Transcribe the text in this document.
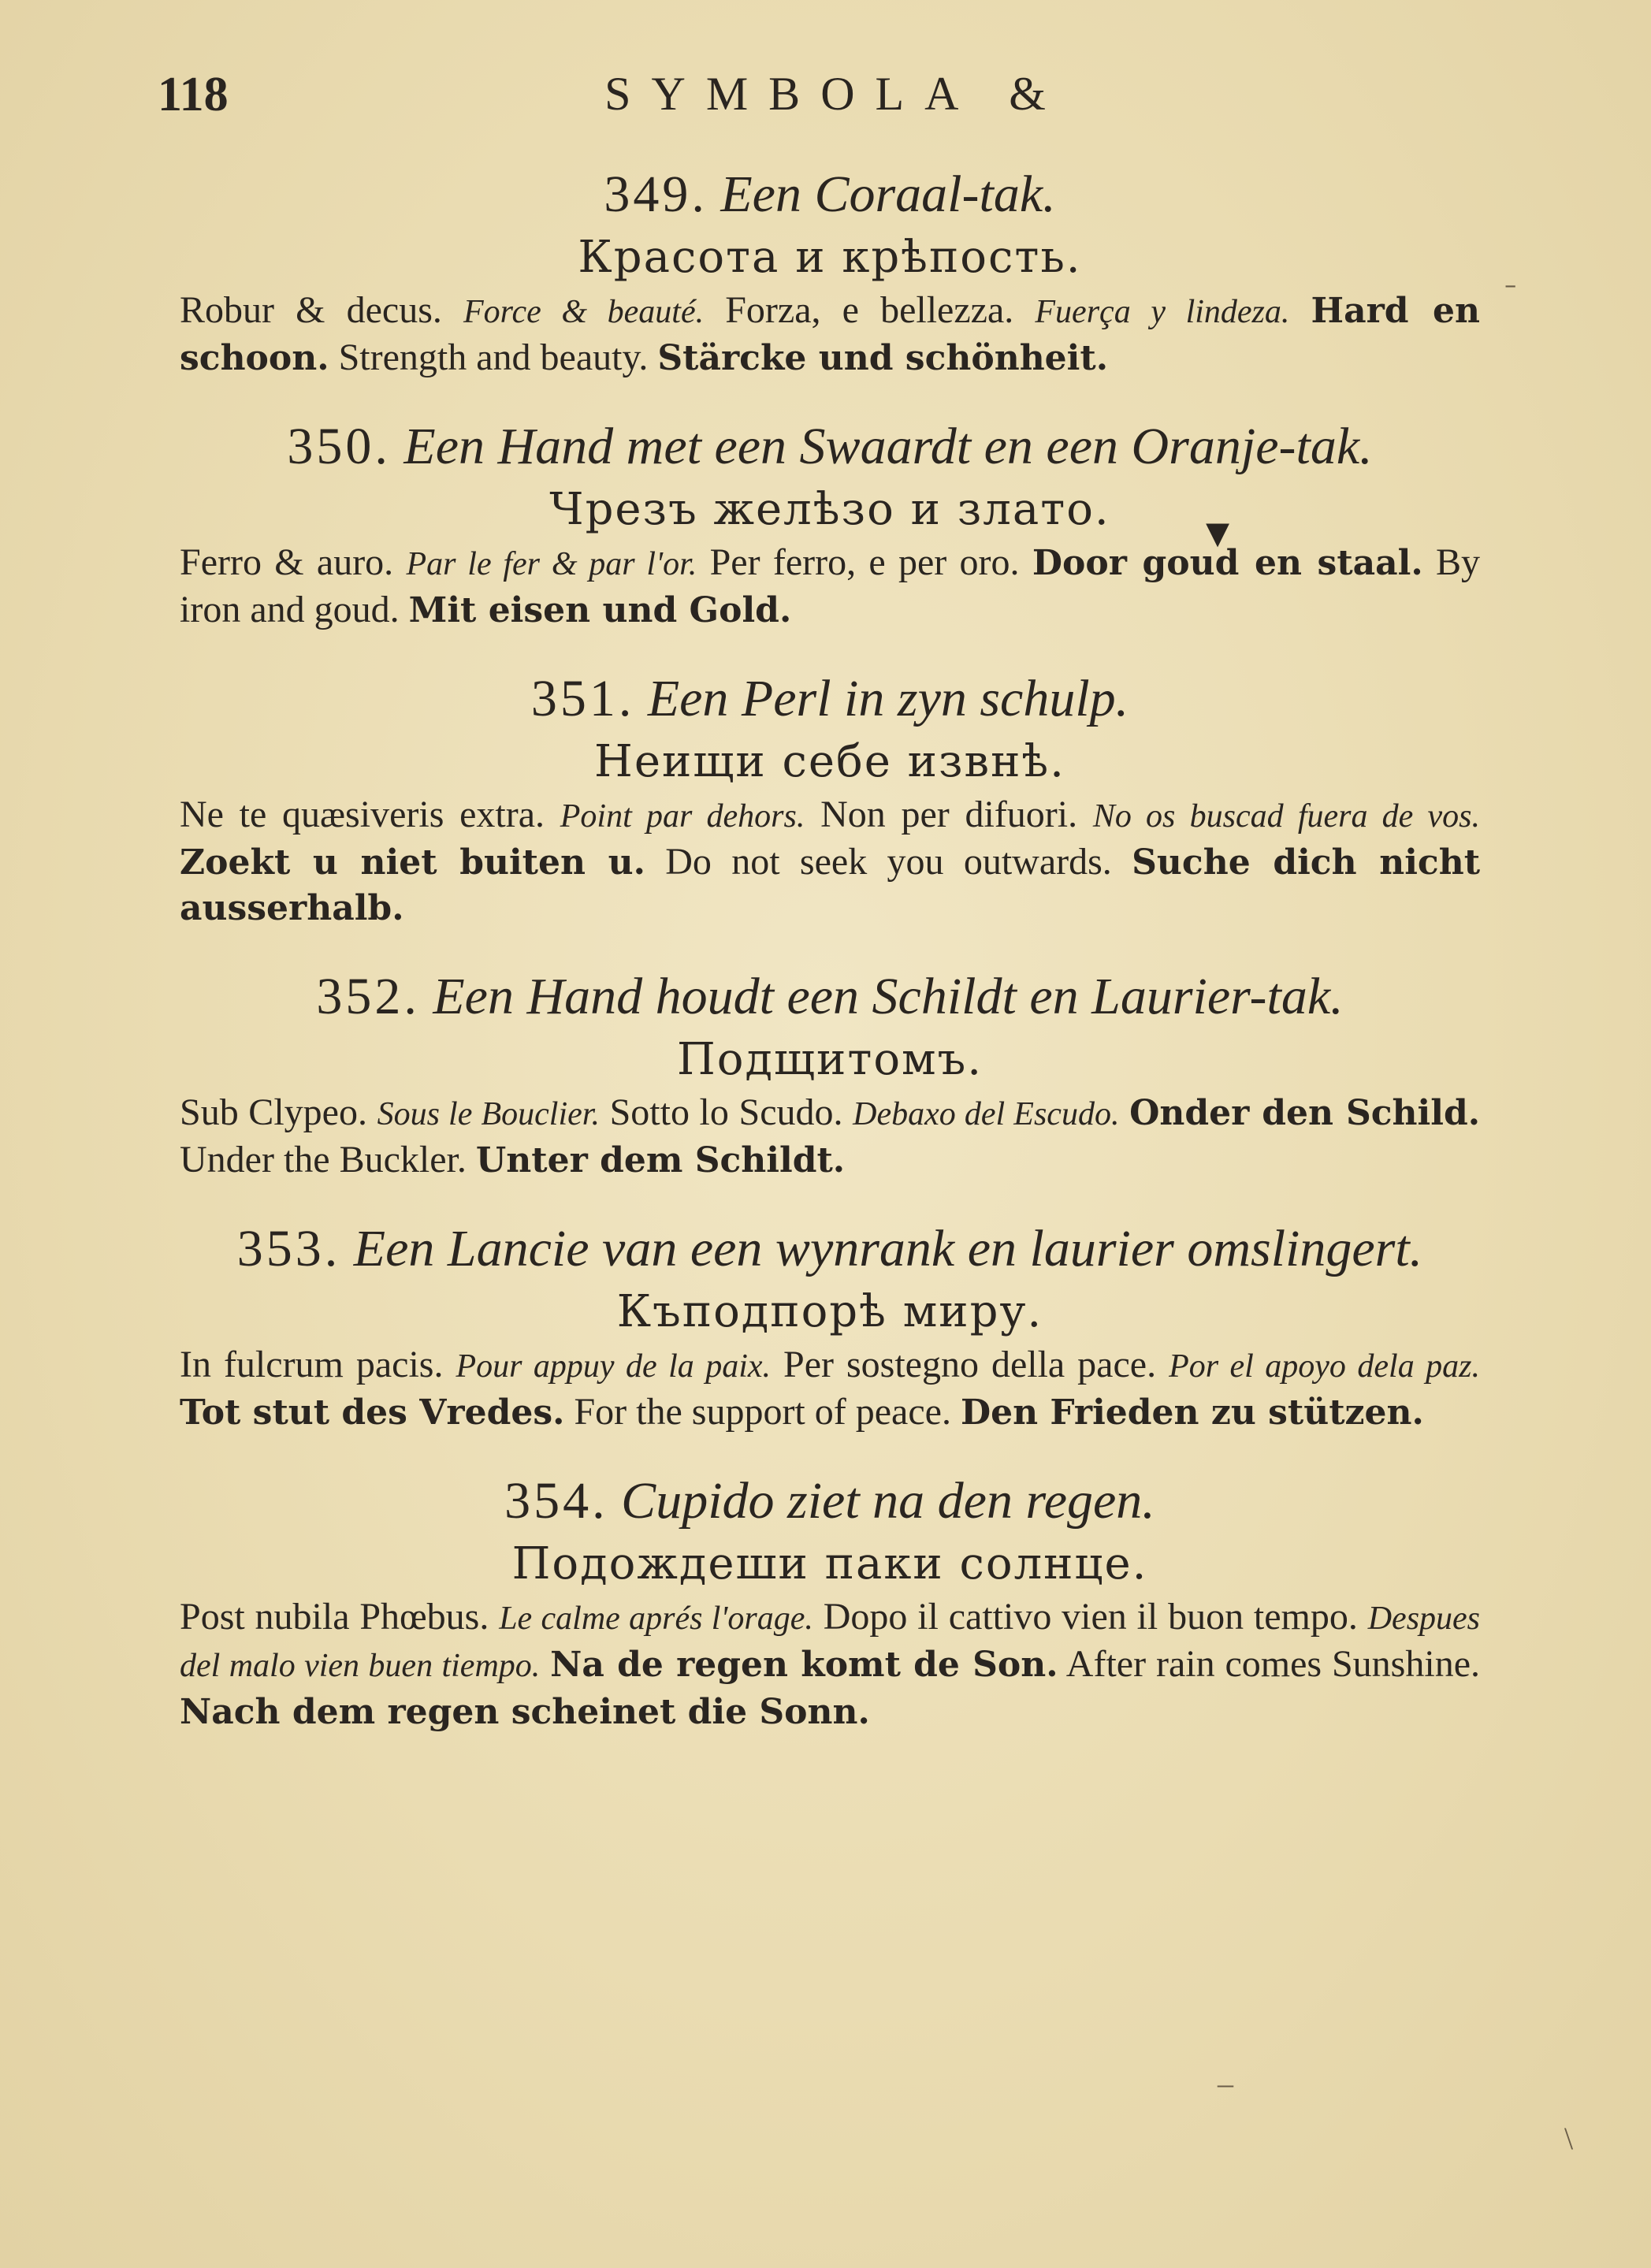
118	SYMBOLA &
349. Een Coraal-tak.
Красота и крѣпость.
Robur & decus. Force & beauté. Forza, e bellezza. Fuerça y lindeza. Hard en schoon. Strength and beauty. Stärcke und schönheit.
350. Een Hand met een Swaardt en een Oranje-tak.
Чрезъ желѣзо и злато.
Ferro & auro. Par le fer & par l'or. Per ferro, e per oro. Door goud en staal. By iron and goud. Mit eisen und Gold.
351. Een Perl in zyn schulp.
Неищи себе извнѣ.
Ne te quæsiveris extra. Point par dehors. Non per difuori. No os buscad fuera de vos. Zoekt u niet buiten u. Do not seek you outwards. Suche dich nicht ausserhalb.
352. Een Hand houdt een Schildt en Laurier-tak.
Подщитомъ.
Sub Clypeo. Sous le Bouclier. Sotto lo Scudo. Debaxo del Escudo. Onder den Schild. Under the Buckler. Unter dem Schildt.
353. Een Lancie van een wynrank en laurier omslingert.
Къподпорѣ миру.
In fulcrum pacis. Pour appuy de la paix. Per sostegno della pace. Por el apoyo dela paz. Tot stut des Vredes. For the support of peace. Den Frieden zu stützen.
354. Cupido ziet na den regen.
Подождеши паки солнце.
Post nubila Phœbus. Le calme aprés l'orage. Dopo il cattivo vien il buon tempo. Despues del malo vien buen tiempo. Na de regen komt de Son. After rain comes Sunshine. Nach dem regen scheinet die Sonn.
ˉ
▾
\
‒
